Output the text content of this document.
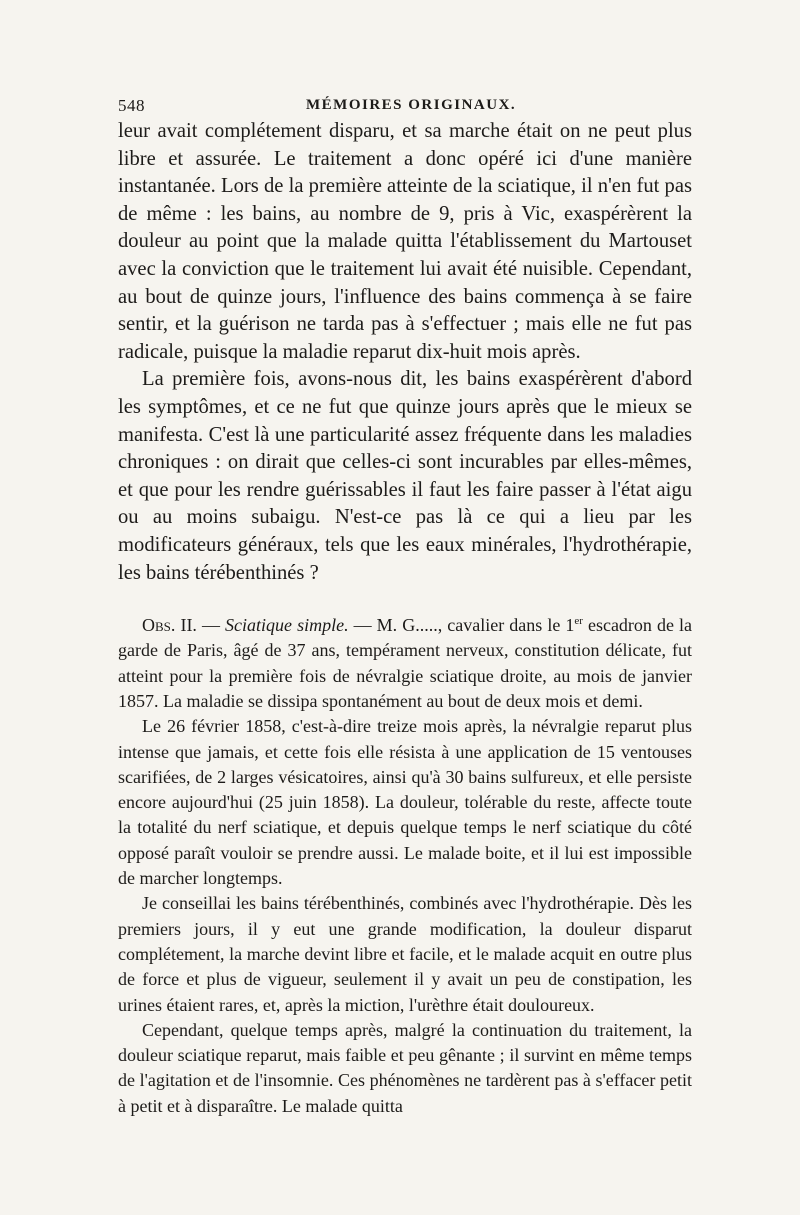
548	MÉMOIRES ORIGINAUX.

leur avait complétement disparu, et sa marche était on ne peut plus libre et assurée. Le traitement a donc opéré ici d'une manière instantanée. Lors de la première atteinte de la sciatique, il n'en fut pas de même : les bains, au nombre de 9, pris à Vic, exaspérèrent la douleur au point que la malade quitta l'établissement du Martouset avec la conviction que le traitement lui avait été nuisible. Cependant, au bout de quinze jours, l'influence des bains commença à se faire sentir, et la guérison ne tarda pas à s'effectuer ; mais elle ne fut pas radicale, puisque la maladie reparut dix-huit mois après.

La première fois, avons-nous dit, les bains exaspérèrent d'abord les symptômes, et ce ne fut que quinze jours après que le mieux se manifesta. C'est là une particularité assez fréquente dans les maladies chroniques : on dirait que celles-ci sont incurables par elles-mêmes, et que pour les rendre guérissables il faut les faire passer à l'état aigu ou au moins subaigu. N'est-ce pas là ce qui a lieu par les modificateurs généraux, tels que les eaux minérales, l'hydrothérapie, les bains térébenthinés ?

Obs. II. — Sciatique simple. — M. G....., cavalier dans le 1er escadron de la garde de Paris, âgé de 37 ans, tempérament nerveux, constitution délicate, fut atteint pour la première fois de névralgie sciatique droite, au mois de janvier 1857. La maladie se dissipa spontanément au bout de deux mois et demi.

Le 26 février 1858, c'est-à-dire treize mois après, la névralgie reparut plus intense que jamais, et cette fois elle résista à une application de 15 ventouses scarifiées, de 2 larges vésicatoires, ainsi qu'à 30 bains sulfureux, et elle persiste encore aujourd'hui (25 juin 1858). La douleur, tolérable du reste, affecte toute la totalité du nerf sciatique, et depuis quelque temps le nerf sciatique du côté opposé paraît vouloir se prendre aussi. Le malade boite, et il lui est impossible de marcher longtemps.

Je conseillai les bains térébenthinés, combinés avec l'hydrothérapie. Dès les premiers jours, il y eut une grande modification, la douleur disparut complétement, la marche devint libre et facile, et le malade acquit en outre plus de force et plus de vigueur, seulement il y avait un peu de constipation, les urines étaient rares, et, après la miction, l'urèthre était douloureux.

Cependant, quelque temps après, malgré la continuation du traitement, la douleur sciatique reparut, mais faible et peu gênante ; il survint en même temps de l'agitation et de l'insomnie. Ces phénomènes ne tardèrent pas à s'effacer petit à petit et à disparaître. Le malade quitta
